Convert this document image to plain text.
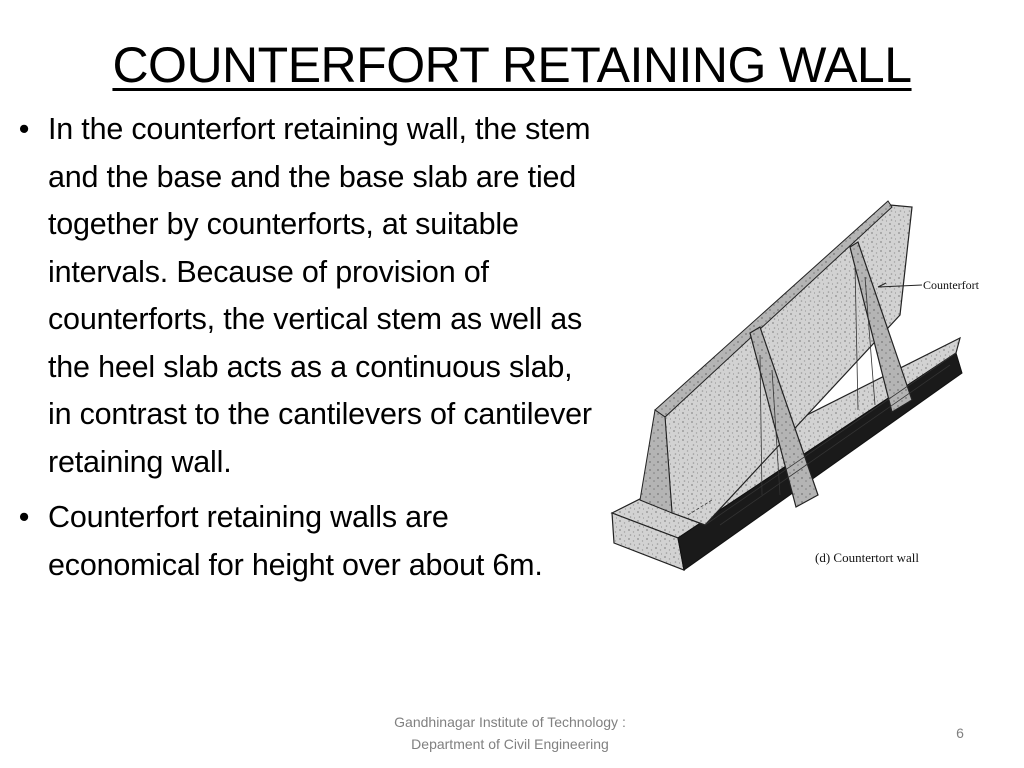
COUNTERFORT RETAINING WALL
• In the counterfort retaining wall, the stem and the base and the base slab are tied together by counterforts, at suitable intervals. Because of provision of counterforts, the vertical stem as well as the heel slab acts as a continuous slab, in contrast to the cantilevers of cantilever retaining wall.
• Counterfort retaining walls are economical for height over about 6m.
Counterfort
(d) Countertort wall
Gandhinagar Institute of Technology :
Department of Civil Engineering
6
